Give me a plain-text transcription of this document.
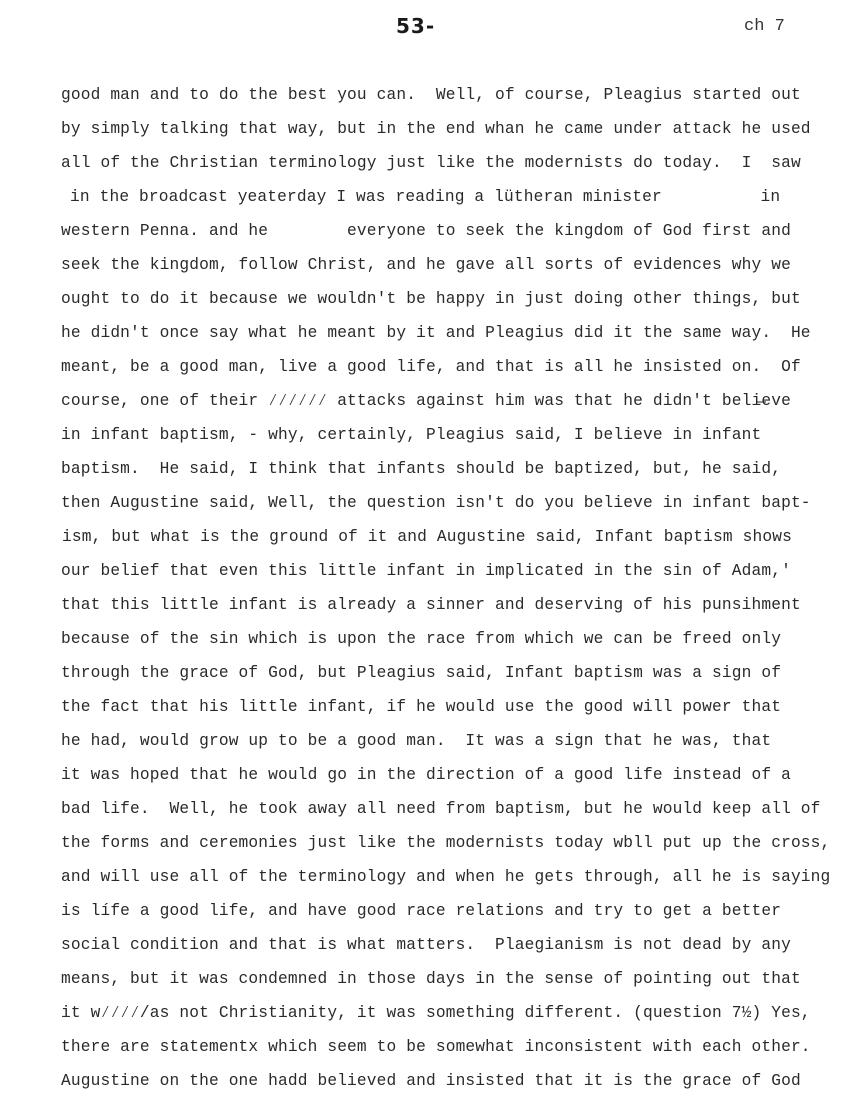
53-	ch 7
good man and to do the best you can.  Well, of course, Pleagius started out
by simply talking that way, but in the end whan he came under attack he used
all of the Christian terminology just like the modernists do today.  I  saw
in the broadcast yeaterday I was reading a lütheran minister          in
western Penna. and he        everyone to seek the kingdom of God first and
seek the kingdom, follow Christ, and he gave all sorts of evidences why we
ought to do it because we wouldn't be happy in just doing other things, but
he didn't once say what he meant by it and Pleagius did it the same way.  He
meant, be a good man, live a good life, and that is all he insisted on.  Of
course, one of their ⁄⁄⁄⁄⁄⁄ attacks against him was that he didn't beli̶eve
in infant baptism, - why, certainly, Pleagius said, I believe in infant
baptism.  He said, I think that infants should be baptized, but, he said,
then Augustine said, Well, the question isn't do you believe in infant bapt-
ism, but what is the ground of it and Augustine said, Infant baptism shows
our belief that even this little infant in implicated in the sin of Adam,'
that this little infant is already a sinner and deserving of his punsihment
because of the sin which is upon the race from which we can be freed only
through the grace of God, but Pleagius said, Infant baptism was a sign of
the fact that his little infant, if he would use the good will power that
he had, would grow up to be a good man.  It was a sign that he was, that
it was hoped that he would go in the direction of a good life instead of a
bad life.  Well, he took away all need from baptism, but he would keep all of
the forms and ceremonies just like the modernists today wbll put up the cross,
and will use all of the terminology and when he gets through, all he is saying
is lífe a good life, and have good race relations and try to get a better
social condition and that is what matters.  Plaegianism is not dead by any
means, but it was condemned in those days in the sense of pointing out that
it w⁄⁄⁄⁄/as not Christianity, it was something different. (question 7½) Yes,
there are statementx which seem to be somewhat inconsistent with each other.
Augustine on the one hadd believed and insisted that it is the grace of God
